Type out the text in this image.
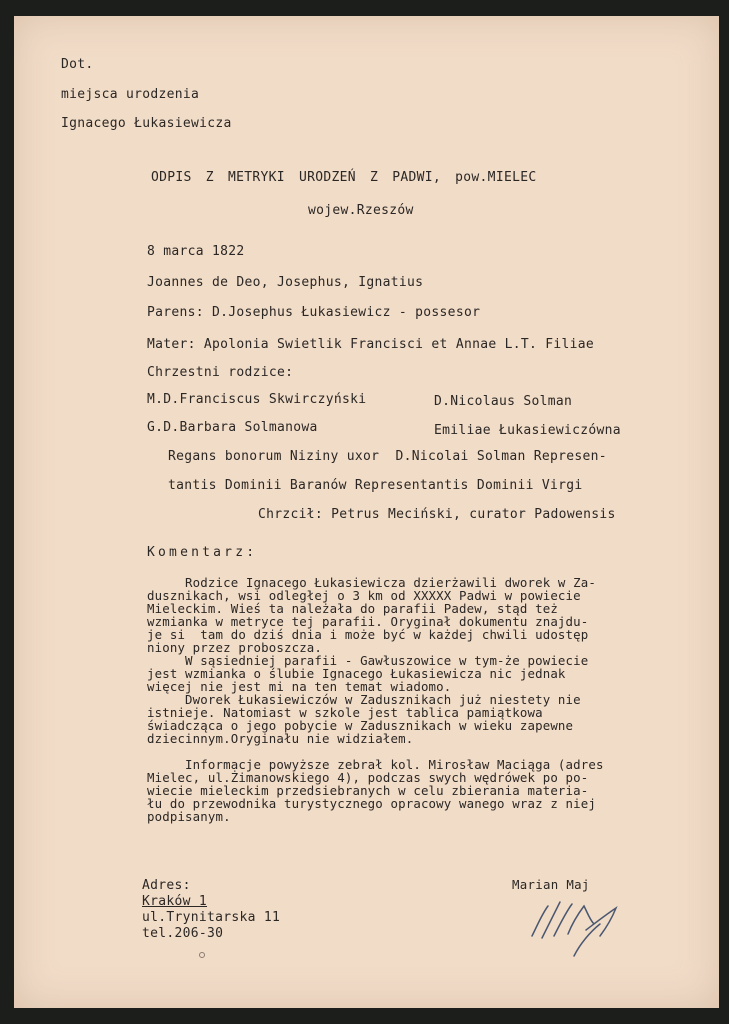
Dot.
miejsca urodzenia
Ignacego Łukasiewicza
ODPIS Z METRYKI URODZEŃ Z PADWI, pow.MIELEC
wojew.Rzeszów
8 marca 1822
Joannes de Deo, Josephus, Ignatius
Parens: D.Josephus Łukasiewicz - possesor
Mater: Apolonia Swietlik Francisci et Annae L.T. Filiae
Chrzestni rodzice:
M.D.Franciscus Skwirczyński	D.Nicolaus Solman
G.D.Barbara Solmanowa	Emiliae Łukasiewiczówna
Regans bonorum Niziny uxor  D.Nicolai Solman Represen-
tantis Dominii Baranów Representantis Dominii Virgi
Chrzcił: Petrus Meciński, curator Padowensis
Komentarz:
Rodzice Ignacego Łukasiewicza dzierżawili dworek w Za-
dusznikach, wsi odległej o 3 km od XXXXX Padwi w powiecie
Mieleckim. Wieś ta należała do parafii Padew, stąd też
wzmianka w metryce tej parafii. Oryginał dokumentu znajdu-
je si  tam do dziś dnia i może być w każdej chwili udostęp
niony przez proboszcza.
W sąsiedniej parafii - Gawłuszowice w tym-że powiecie
jest wzmianka o ślubie Ignacego Łukasiewicza nic jednak
więcej nie jest mi na ten temat wiadomo.
Dworek Łukasiewiczów w Zadusznikach już niestety nie
istnieje. Natomiast w szkole jest tablica pamiątkowa
świadcząca o jego pobycie w Zadusznikach w wieku zapewne
dziecinnym.Oryginału nie widziałem.
Informacje powyższe zebrał kol. Mirosław Maciąga (adres
Mielec, ul.Żimanowskiego 4), podczas swych wędrówek po po-
wiecie mieleckim przedsiebranych w celu zbierania materia-
łu do przewodnika turystycznego opracowy wanego wraz z niej
podpisanym.
Adres:
Kraków 1
ul.Trynitarska 11
tel.206-30
Marian Maj
